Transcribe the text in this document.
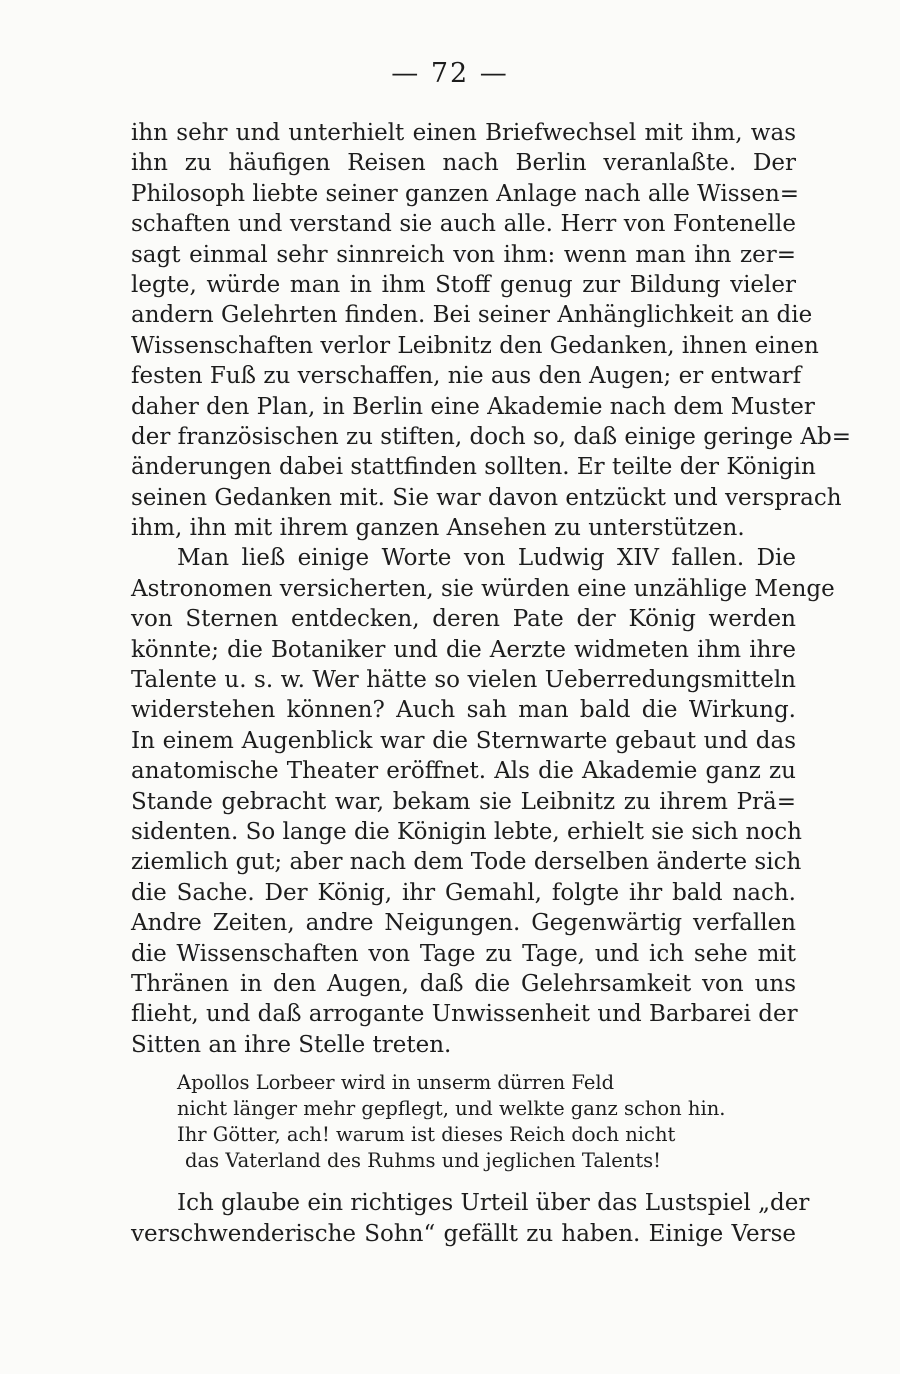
— 72 —
ihn sehr und unterhielt einen Briefwechsel mit ihm, was
ihn zu häufigen Reisen nach Berlin veranlaßte. Der
Philosoph liebte seiner ganzen Anlage nach alle Wissen=
schaften und verstand sie auch alle. Herr von Fontenelle
sagt einmal sehr sinnreich von ihm: wenn man ihn zer=
legte, würde man in ihm Stoff genug zur Bildung vieler
andern Gelehrten finden. Bei seiner Anhänglichkeit an die
Wissenschaften verlor Leibnitz den Gedanken, ihnen einen
festen Fuß zu verschaffen, nie aus den Augen; er entwarf
daher den Plan, in Berlin eine Akademie nach dem Muster
der französischen zu stiften, doch so, daß einige geringe Ab=
änderungen dabei stattfinden sollten. Er teilte der Königin
seinen Gedanken mit. Sie war davon entzückt und versprach
ihm, ihn mit ihrem ganzen Ansehen zu unterstützen.
Man ließ einige Worte von Ludwig XIV fallen. Die
Astronomen versicherten, sie würden eine unzählige Menge
von Sternen entdecken, deren Pate der König werden
könnte; die Botaniker und die Aerzte widmeten ihm ihre
Talente u. s. w. Wer hätte so vielen Ueberredungsmitteln
widerstehen können? Auch sah man bald die Wirkung.
In einem Augenblick war die Sternwarte gebaut und das
anatomische Theater eröffnet. Als die Akademie ganz zu
Stande gebracht war, bekam sie Leibnitz zu ihrem Prä=
sidenten. So lange die Königin lebte, erhielt sie sich noch
ziemlich gut; aber nach dem Tode derselben änderte sich
die Sache. Der König, ihr Gemahl, folgte ihr bald nach.
Andre Zeiten, andre Neigungen. Gegenwärtig verfallen
die Wissenschaften von Tage zu Tage, und ich sehe mit
Thränen in den Augen, daß die Gelehrsamkeit von uns
flieht, und daß arrogante Unwissenheit und Barbarei der
Sitten an ihre Stelle treten.
Apollos Lorbeer wird in unserm dürren Feld
nicht länger mehr gepflegt, und welkte ganz schon hin.
Ihr Götter, ach! warum ist dieses Reich doch nicht
das Vaterland des Ruhms und jeglichen Talents!
Ich glaube ein richtiges Urteil über das Lustspiel „der
verschwenderische Sohn“ gefällt zu haben. Einige Verse
